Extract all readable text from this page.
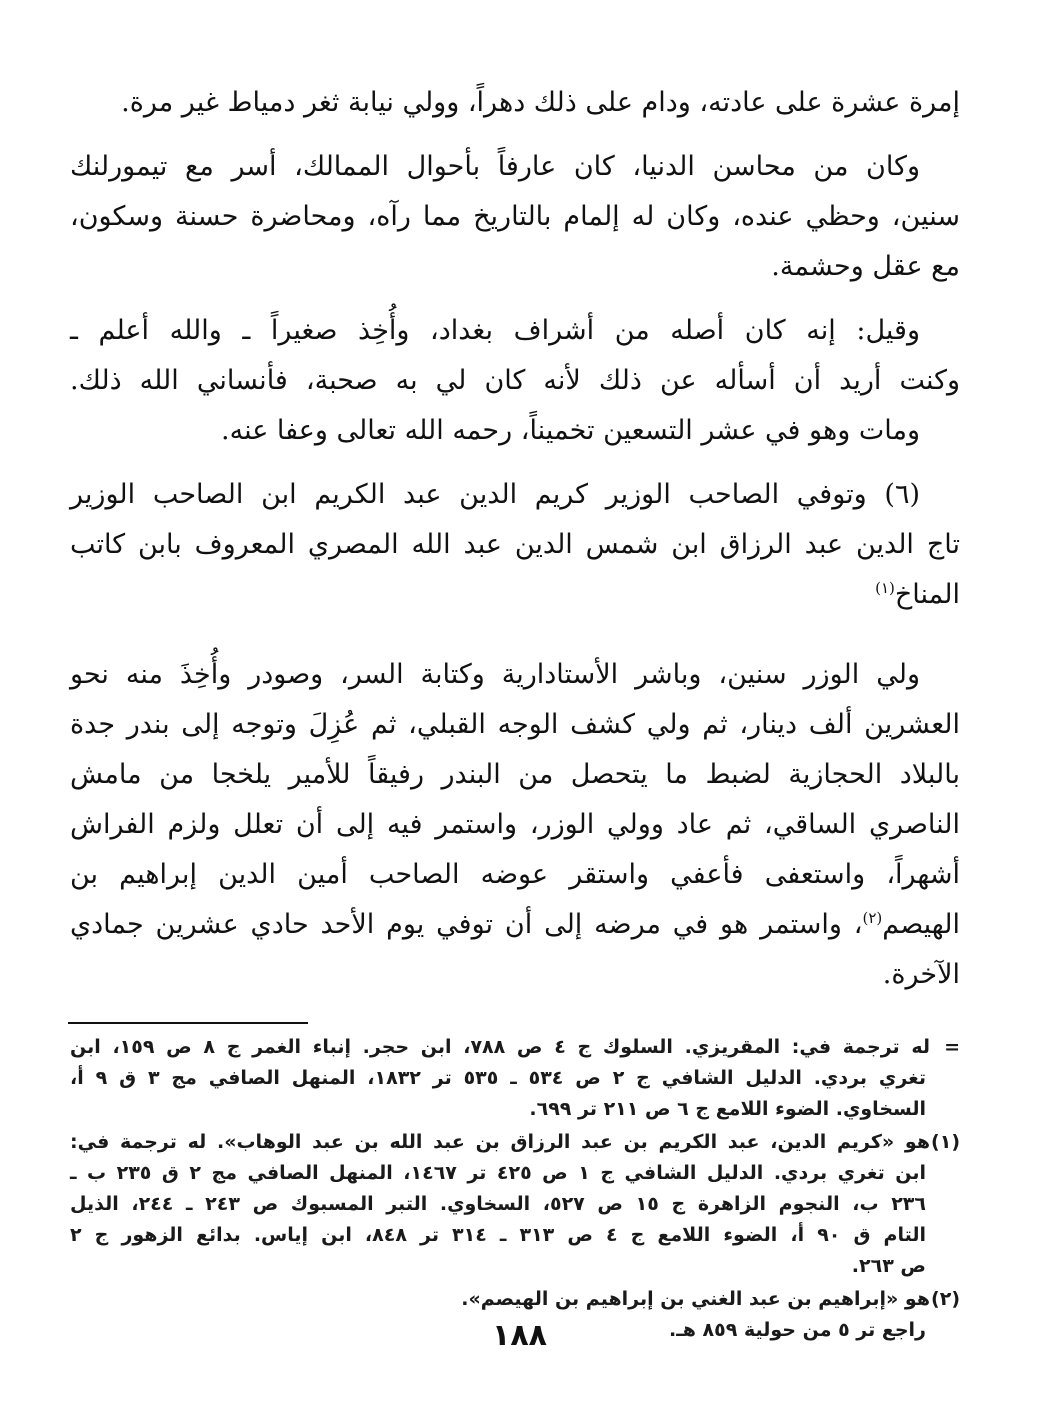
إمرة عشرة على عادته، ودام على ذلك دهراً، وولي نيابة ثغر دمياط غير مرة.

وكان من محاسن الدنيا، كان عارفاً بأحوال الممالك، أسر مع تيمورلنك
سنين، وحظي عنده، وكان له إلمام بالتاريخ مما رآه، ومحاضرة حسنة وسكون،
مع عقل وحشمة.

وقيل: إنه كان أصله من أشراف بغداد، وأُخِذ صغيراً ـ والله أعلم ـ
وكنت أريد أن أسأله عن ذلك لأنه كان لي به صحبة، فأنساني الله ذلك.
ومات وهو في عشر التسعين تخميناً، رحمه الله تعالى وعفا عنه.

(٦) وتوفي الصاحب الوزير كريم الدين عبد الكريم ابن الصاحب الوزير
تاج الدين عبد الرزاق ابن شمس الدين عبد الله المصري المعروف بابن كاتب
المناخ$^{(١)}$

ولي الوزر سنين، وباشر الأستادارية وكتابة السر، وصودر وأُخِذَ منه نحو
العشرين ألف دينار، ثم ولي كشف الوجه القبلي، ثم عُزِلَ وتوجه إلى بندر جدة
بالبلاد الحجازية لضبط ما يتحصل من البندر رفيقاً للأمير يلخجا من مامش
الناصري الساقي، ثم عاد وولي الوزر، واستمر فيه إلى أن تعلل ولزم الفراش
أشهراً، واستعفى فأعفي واستقر عوضه الصاحب أمين الدين إبراهيم بن
الهيصم$^{(٢)}$، واستمر هو في مرضه إلى أن توفي يوم الأحد حادي عشرين جمادي
الآخرة.

=له ترجمة في: المقريزي. السلوك ج ٤ ص ٧٨٨، ابن حجر. إنباء الغمر ج ٨ ص ١٥٩، ابن
تغري بردي. الدليل الشافي ج ٢ ص ٥٣٤ ـ ٥٣٥ تر ١٨٣٢، المنهل الصافي مج ٣ ق ٩ أ،
السخاوي. الضوء اللامع ج ٦ ص ٢١١ تر ٦٩٩.
(١)هو «كريم الدين، عبد الكريم بن عبد الرزاق بن عبد الله بن عبد الوهاب». له ترجمة في:
ابن تغري بردي. الدليل الشافي ج ١ ص ٤٢٥ تر ١٤٦٧، المنهل الصافي مج ٢ ق ٢٣٥ ب ـ
٢٣٦ ب، النجوم الزاهرة ج ١٥ ص ٥٢٧، السخاوي. التبر المسبوك ص ٢٤٣ ـ ٢٤٤، الذيل
التام ق ٩٠ أ، الضوء اللامع ج ٤ ص ٣١٣ ـ ٣١٤ تر ٨٤٨، ابن إياس. بدائع الزهور ج ٢
ص ٢٦٣.
(٢)هو «إبراهيم بن عبد الغني بن إبراهيم بن الهيصم».
راجع تر ٥ من حولية ٨٥٩ هـ.
١٨٨
